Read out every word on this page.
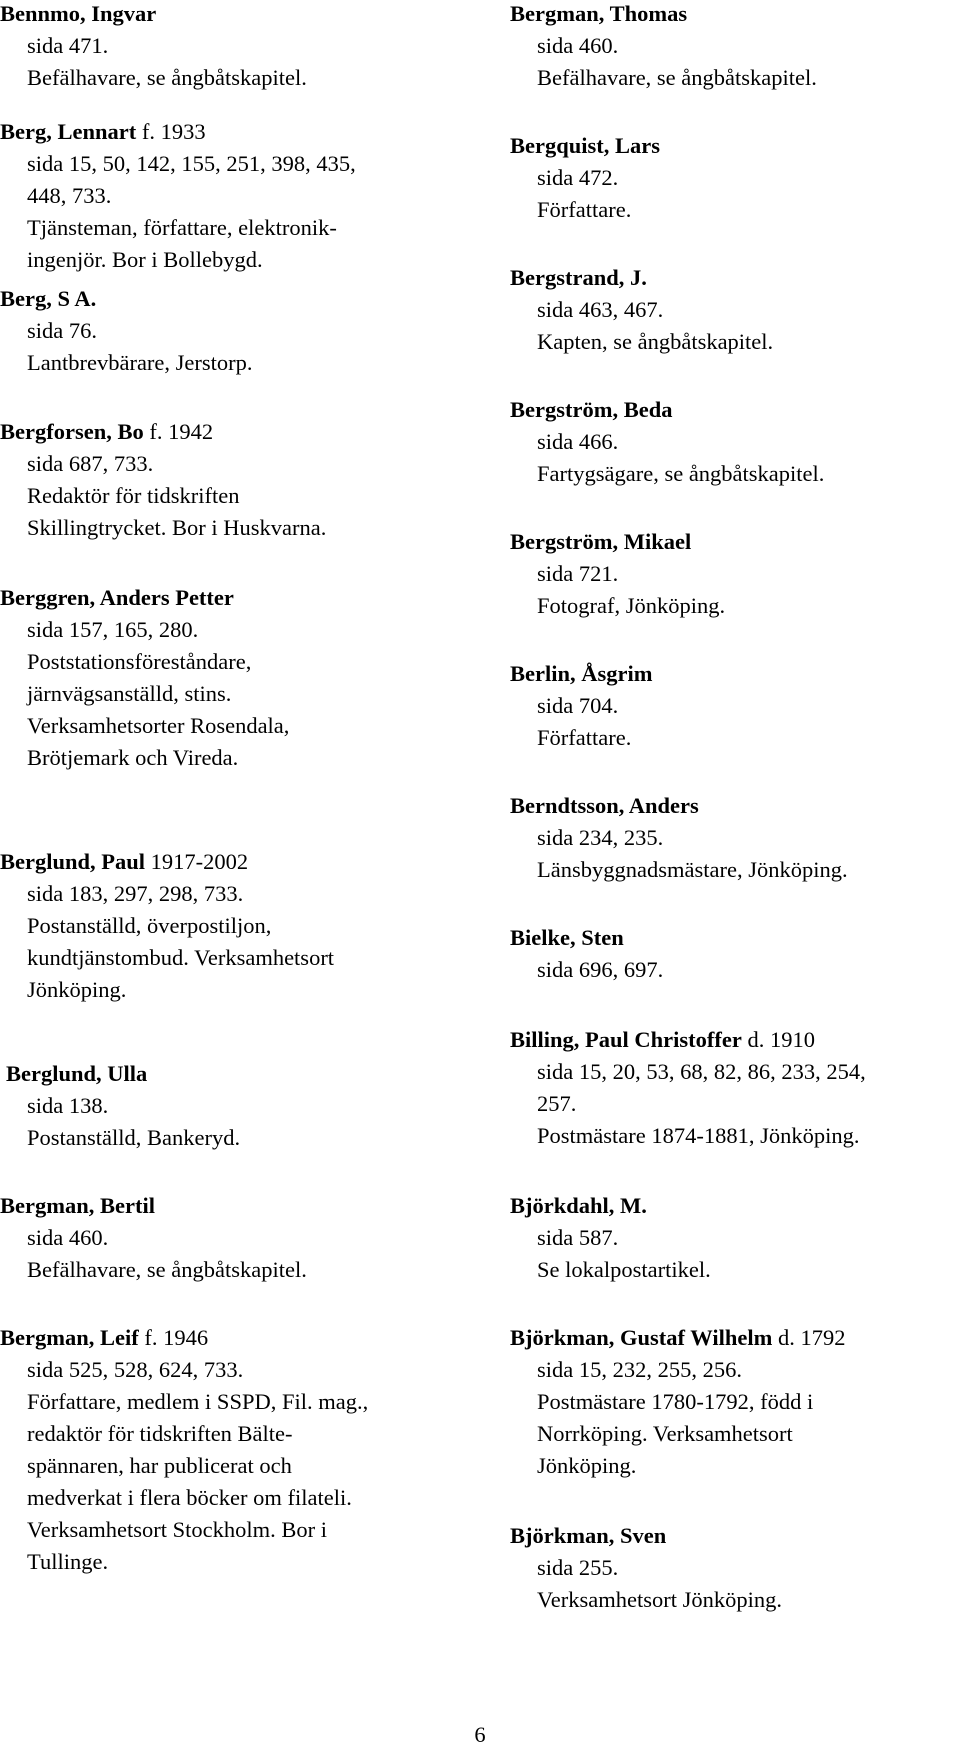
Bennmo, Ingvar
sida 471.
Befälhavare, se ångbåtskapitel.
Berg, Lennart f. 1933
sida 15, 50, 142, 155, 251, 398, 435,
448, 733.
Tjänsteman, författare, elektronik-
ingenjör. Bor i Bollebygd.
Berg, S A.
sida 76.
Lantbrevbärare, Jerstorp.
Bergforsen, Bo f. 1942
sida 687, 733.
Redaktör för tidskriften
Skillingtrycket. Bor i Huskvarna.
Berggren, Anders Petter
sida 157, 165, 280.
Poststationsföreståndare,
järnvägsanställd, stins.
Verksamhetsorter Rosendala,
Brötjemark och Vireda.
Berglund, Paul 1917-2002
sida 183, 297, 298, 733.
Postanställd, överpostiljon,
kundtjänstombud. Verksamhetsort
Jönköping.
Berglund, Ulla
sida 138.
Postanställd, Bankeryd.
Bergman, Bertil
sida 460.
Befälhavare, se ångbåtskapitel.
Bergman, Leif f. 1946
sida 525, 528, 624, 733.
Författare, medlem i SSPD, Fil. mag.,
redaktör för tidskriften Bälte-
spännaren, har publicerat och
medverkat i flera böcker om filateli.
Verksamhetsort Stockholm. Bor i
Tullinge.
Bergman, Thomas
sida 460.
Befälhavare, se ångbåtskapitel.
Bergquist, Lars
sida 472.
Författare.
Bergstrand, J.
sida 463, 467.
Kapten, se ångbåtskapitel.
Bergström, Beda
sida 466.
Fartygsägare, se ångbåtskapitel.
Bergström, Mikael
sida 721.
Fotograf, Jönköping.
Berlin, Åsgrim
sida 704.
Författare.
Berndtsson, Anders
sida 234, 235.
Länsbyggnadsmästare, Jönköping.
Bielke, Sten
sida 696, 697.
Billing, Paul Christoffer d. 1910
sida 15, 20, 53, 68, 82, 86, 233, 254,
257.
Postmästare 1874-1881, Jönköping.
Björkdahl, M.
sida 587.
Se lokalpostartikel.
Björkman, Gustaf Wilhelm d. 1792
sida 15, 232, 255, 256.
Postmästare 1780-1792, född i
Norrköping. Verksamhetsort
Jönköping.
Björkman, Sven
sida 255.
Verksamhetsort Jönköping.
6
